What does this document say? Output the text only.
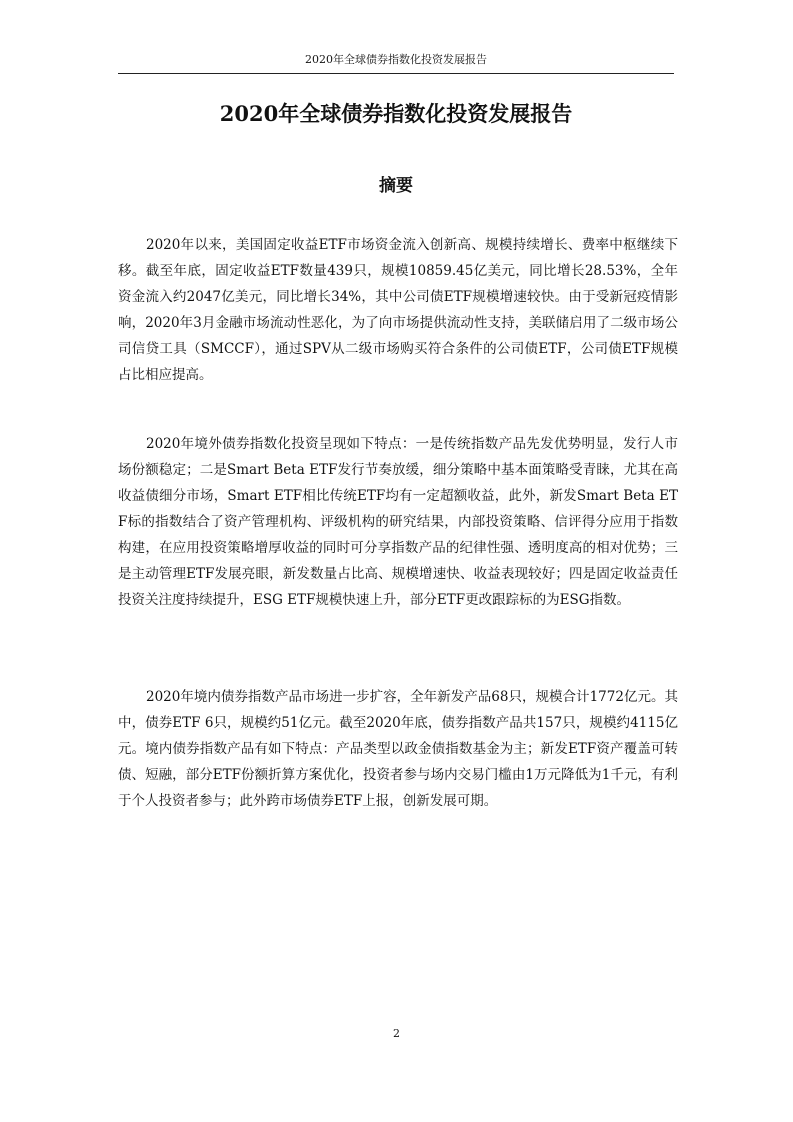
2020年全球债券指数化投资发展报告
2020年全球债券指数化投资发展报告
摘要

2020年以来，美国固定收益ETF市场资金流入创新高、规模持续增长、费率中枢继续下移。截至年底，固定收益ETF数量439只，规模10859.45亿美元，同比增长28.53%，全年资金流入约2047亿美元，同比增长34%，其中公司债ETF规模增速较快。由于受新冠疫情影响，2020年3月金融市场流动性恶化，为了向市场提供流动性支持，美联储启用了二级市场公司信贷工具（SMCCF），通过SPV从二级市场购买符合条件的公司债ETF，公司债ETF规模占比相应提高。

2020年境外债券指数化投资呈现如下特点：一是传统指数产品先发优势明显，发行人市场份额稳定；二是Smart Beta ETF发行节奏放缓，细分策略中基本面策略受青睐，尤其在高收益债细分市场，Smart ETF相比传统ETF均有一定超额收益，此外，新发Smart Beta ETF标的指数结合了资产管理机构、评级机构的研究结果，内部投资策略、信评得分应用于指数构建，在应用投资策略增厚收益的同时可分享指数产品的纪律性强、透明度高的相对优势；三是主动管理ETF发展亮眼，新发数量占比高、规模增速快、收益表现较好；四是固定收益责任投资关注度持续提升，ESG ETF规模快速上升，部分ETF更改跟踪标的为ESG指数。

2020年境内债券指数产品市场进一步扩容，全年新发产品68只，规模合计1772亿元。其中，债券ETF 6只，规模约51亿元。截至2020年底，债券指数产品共157只，规模约4115亿元。境内债券指数产品有如下特点：产品类型以政金债指数基金为主；新发ETF资产覆盖可转债、短融，部分ETF份额折算方案优化，投资者参与场内交易门槛由1万元降低为1千元，有利于个人投资者参与；此外跨市场债券ETF上报，创新发展可期。

2
